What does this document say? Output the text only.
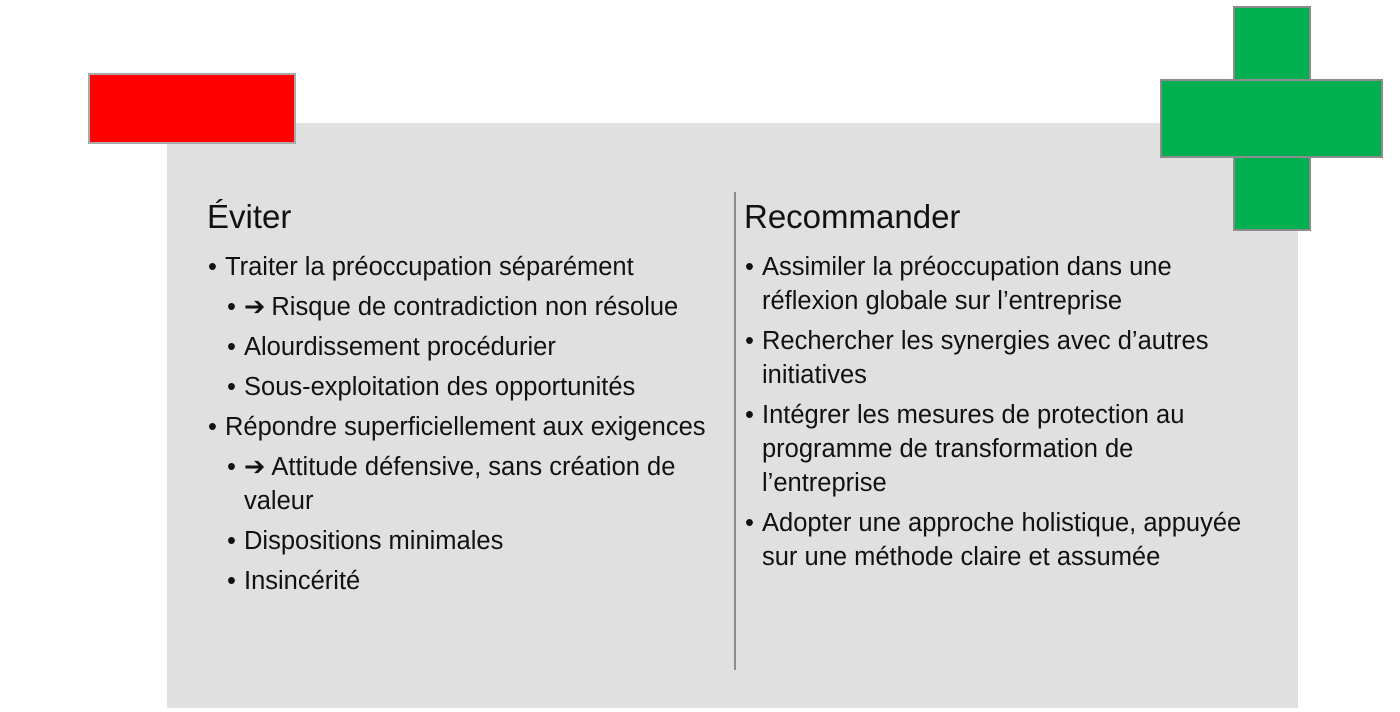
Éviter
• Traiter la préoccupation séparément
• ➔ Risque de contradiction non résolue
• Alourdissement procédurier
• Sous-exploitation des opportunités
• Répondre superficiellement aux exigences
• ➔ Attitude défensive, sans création de valeur
• Dispositions minimales
• Insincérité
Recommander
• Assimiler la préoccupation dans une réflexion globale sur l’entreprise
• Rechercher les synergies avec d’autres initiatives
• Intégrer les mesures de protection au programme de transformation de l’entreprise
• Adopter une approche holistique, appuyée sur une méthode claire et assumée
